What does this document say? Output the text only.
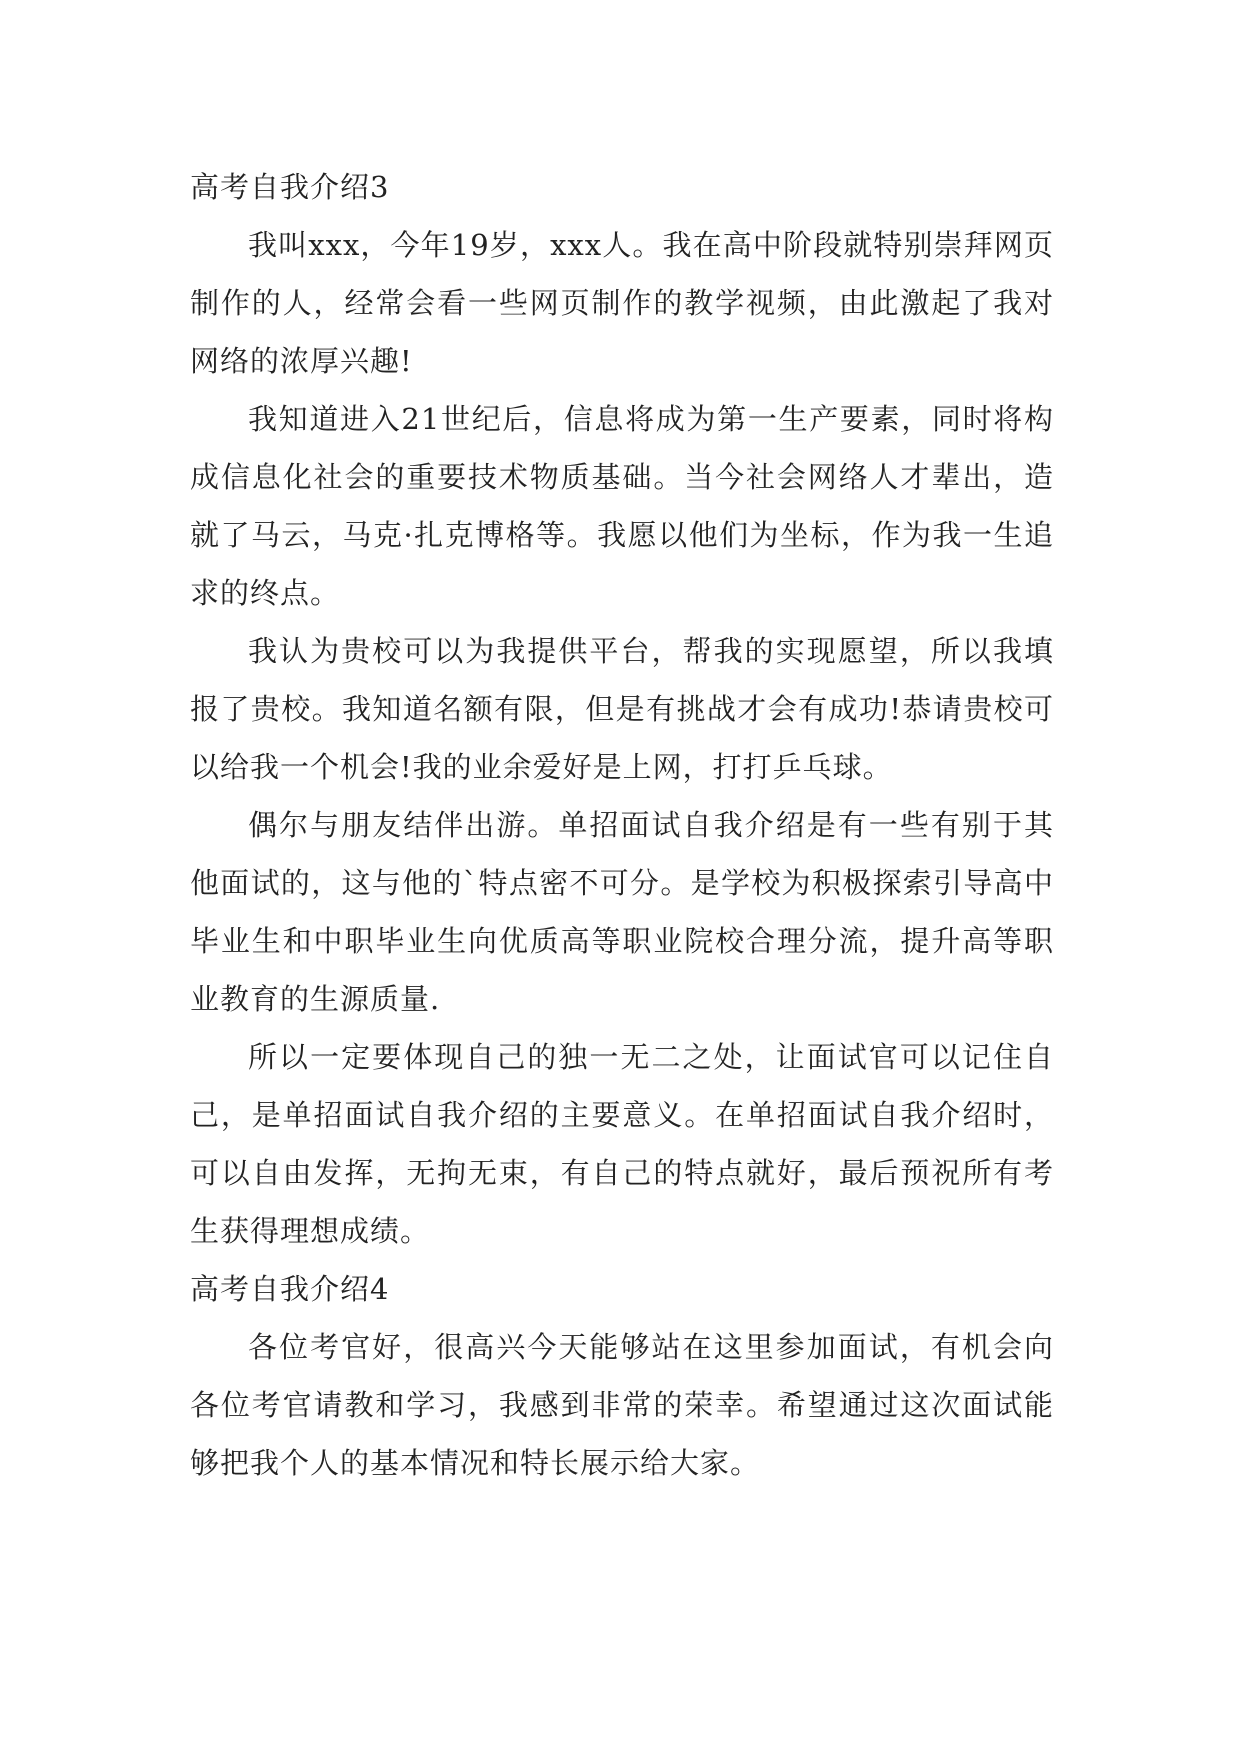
高考自我介绍3

我叫xxx，今年19岁，xxx人。我在高中阶段就特别崇拜网页制作的人，经常会看一些网页制作的教学视频，由此激起了我对网络的浓厚兴趣!

我知道进入21世纪后，信息将成为第一生产要素，同时将构成信息化社会的重要技术物质基础。当今社会网络人才辈出，造就了马云，马克·扎克博格等。我愿以他们为坐标，作为我一生追求的终点。

我认为贵校可以为我提供平台，帮我的实现愿望，所以我填报了贵校。我知道名额有限，但是有挑战才会有成功!恭请贵校可以给我一个机会!我的业余爱好是上网，打打乒乓球。

偶尔与朋友结伴出游。单招面试自我介绍是有一些有别于其他面试的，这与他的`特点密不可分。是学校为积极探索引导高中毕业生和中职毕业生向优质高等职业院校合理分流，提升高等职业教育的生源质量.

所以一定要体现自己的独一无二之处，让面试官可以记住自己，是单招面试自我介绍的主要意义。在单招面试自我介绍时，可以自由发挥，无拘无束，有自己的特点就好，最后预祝所有考生获得理想成绩。

高考自我介绍4

各位考官好，很高兴今天能够站在这里参加面试，有机会向各位考官请教和学习，我感到非常的荣幸。希望通过这次面试能够把我个人的基本情况和特长展示给大家。
